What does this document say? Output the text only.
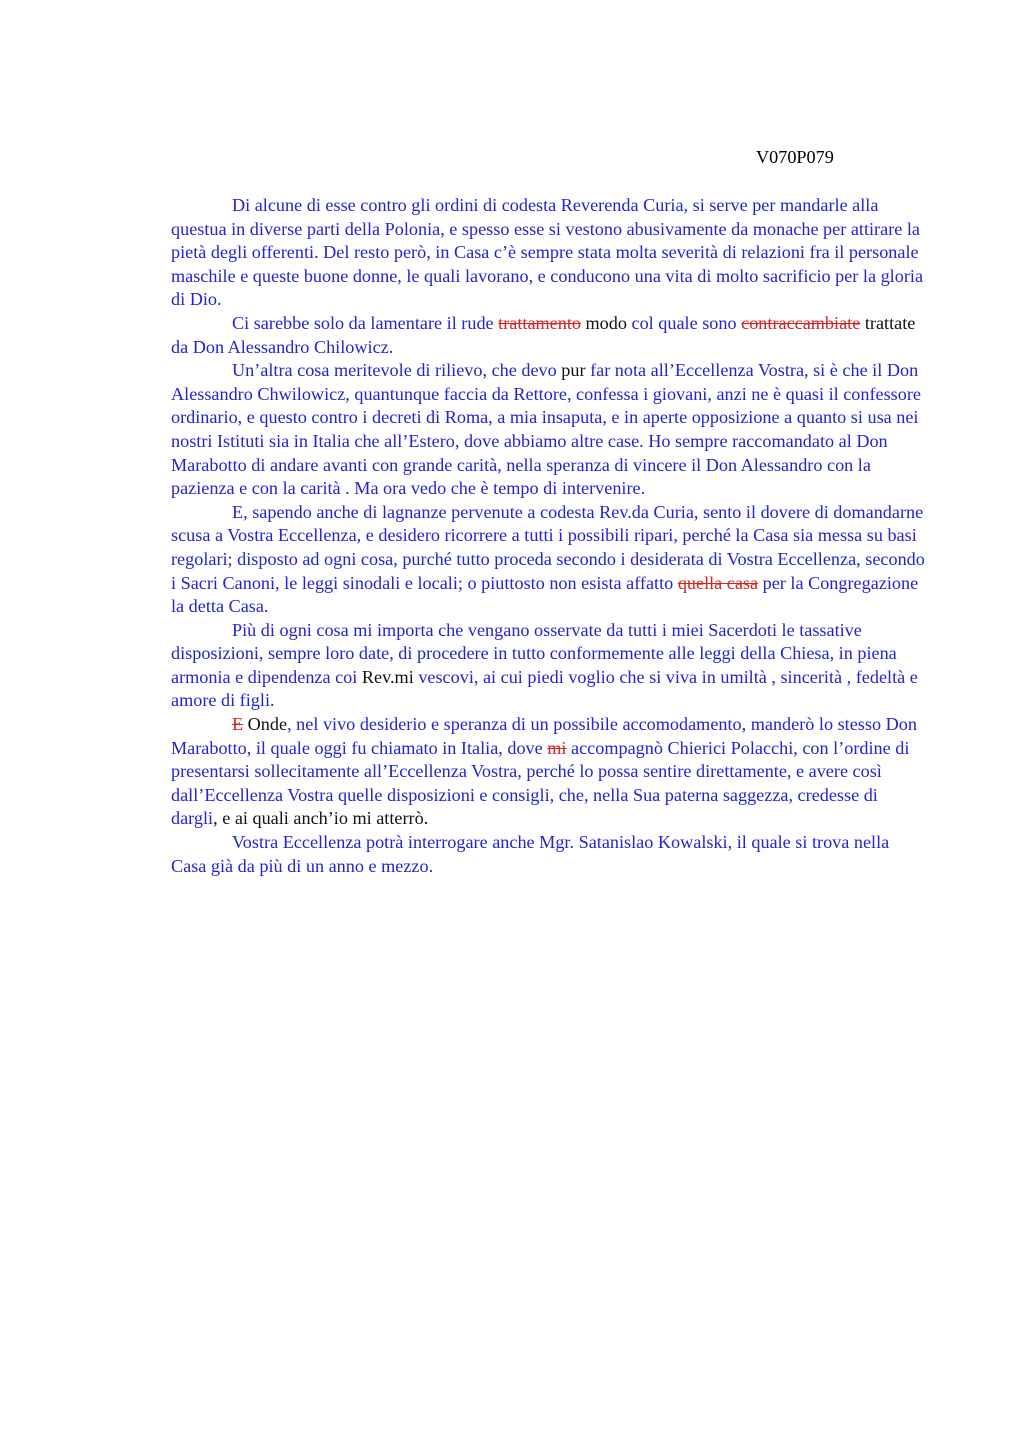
V070P079

Di alcune di esse contro gli ordini di codesta Reverenda Curia, si serve per mandarle alla questua in diverse parti della Polonia, e spesso esse si vestono abusivamente da monache per attirare la pietà degli offerenti. Del resto però, in Casa c’è sempre stata molta severità di relazioni fra il personale maschile e queste buone donne, le quali lavorano, e conducono una vita di molto sacrificio per la gloria di Dio.

Ci sarebbe solo da lamentare il rude trattamento modo col quale sono contraccambiate trattate da Don Alessandro Chilowicz.

Un’altra cosa meritevole di rilievo, che devo pur far nota all’Eccellenza Vostra, si è che il Don Alessandro Chwilowicz, quantunque faccia da Rettore, confessa i giovani, anzi ne è quasi il confessore ordinario, e questo contro i decreti di Roma, a mia insaputa, e in aperte opposizione a quanto si usa nei nostri Istituti sia in Italia che all’Estero, dove abbiamo altre case. Ho sempre raccomandato al Don Marabotto di andare avanti con grande carità, nella speranza di vincere il Don Alessandro con la pazienza e con la carità . Ma ora vedo che è tempo di intervenire.

E, sapendo anche di lagnanze pervenute a codesta Rev.da Curia, sento il dovere di domandarne scusa a Vostra Eccellenza, e desidero ricorrere a tutti i possibili ripari, perché la Casa sia messa su basi regolari; disposto ad ogni cosa, purché tutto proceda secondo i desiderata di Vostra Eccellenza, secondo i Sacri Canoni, le leggi sinodali e locali; o piuttosto non esista affatto quella casa per la Congregazione la detta Casa.

Più di ogni cosa mi importa che vengano osservate da tutti i miei Sacerdoti le tassative disposizioni, sempre loro date, di procedere in tutto conformemente alle leggi della Chiesa, in piena armonia e dipendenza coi Rev.mi vescovi, ai cui piedi voglio che si viva in umiltà , sincerità , fedeltà e amore di figli.

E Onde, nel vivo desiderio e speranza di un possibile accomodamento, manderò lo stesso Don Marabotto, il quale oggi fu chiamato in Italia, dove mi accompagnò Chierici Polacchi, con l’ordine di presentarsi sollecitamente all’Eccellenza Vostra, perché lo possa sentire direttamente, e avere così dall’Eccellenza Vostra quelle disposizioni e consigli, che, nella Sua paterna saggezza, credesse di dargli, e ai quali anch’io mi atterrò.

Vostra Eccellenza potrà interrogare anche Mgr. Satanislao Kowalski, il quale si trova nella Casa già da più di un anno e mezzo.
